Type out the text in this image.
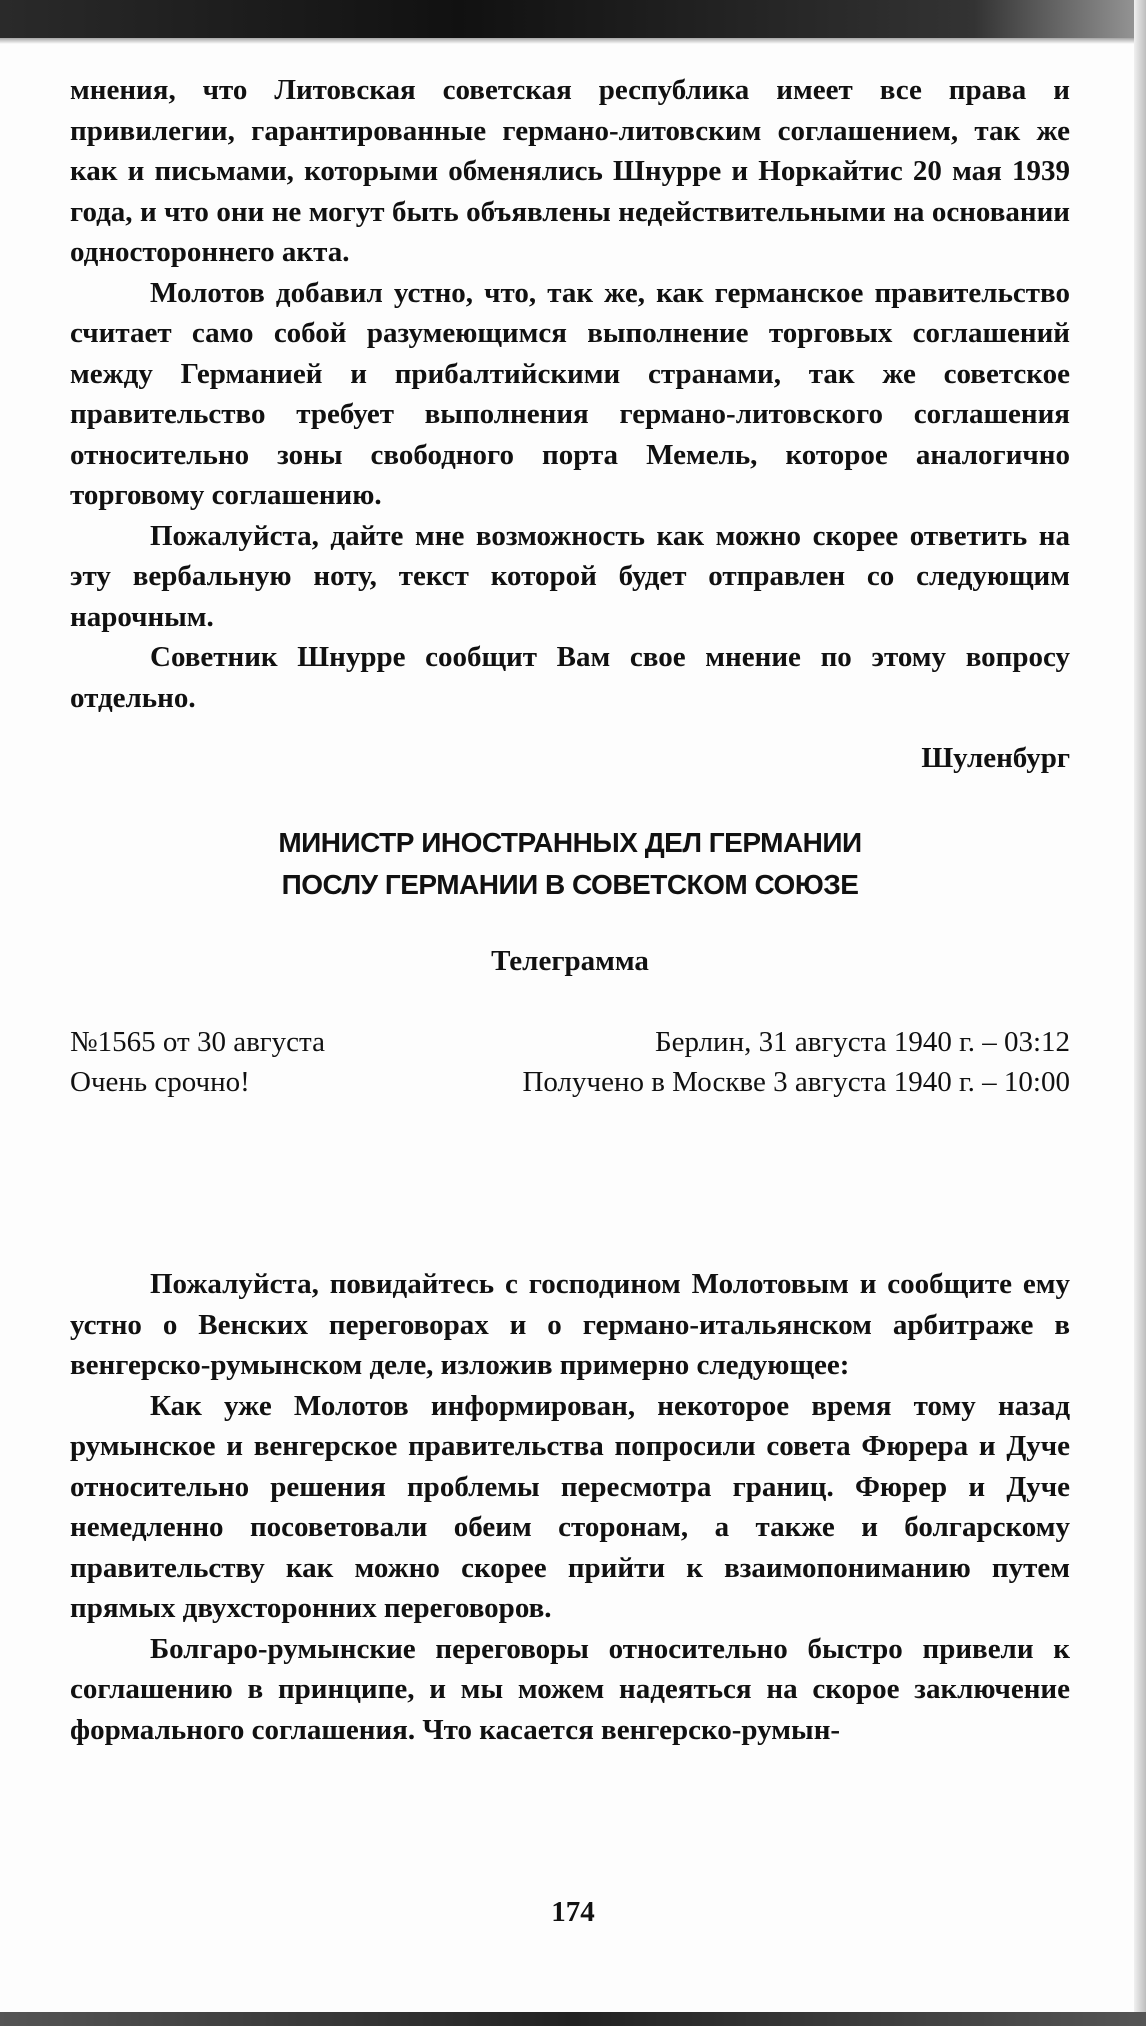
мнения, что Литовская советская республика имеет все права и привилегии, гарантированные германо-литовским соглашением, так же как и письмами, которыми обменялись Шнурре и Норкайтис 20 мая 1939 года, и что они не могут быть объявлены недействительными на основании одностороннего акта.

Молотов добавил устно, что, так же, как германское правительство считает само собой разумеющимся выполнение торговых соглашений между Германией и прибалтийскими странами, так же советское правительство требует выполнения германо-литовского соглашения относительно зоны свободного порта Мемель, которое аналогично торговому соглашению.

Пожалуйста, дайте мне возможность как можно скорее ответить на эту вербальную ноту, текст которой будет отправлен со следующим нарочным.

Советник Шнурре сообщит Вам свое мнение по этому вопросу отдельно.

Шуленбург
МИНИСТР ИНОСТРАННЫХ ДЕЛ ГЕРМАНИИ
ПОСЛУ ГЕРМАНИИ В СОВЕТСКОМ СОЮЗЕ
Телеграмма
№1565 от 30 августа	Берлин, 31 августа 1940 г. – 03:12
Очень срочно!	Получено в Москве 3 августа 1940 г. – 10:00

Пожалуйста, повидайтесь с господином Молотовым и сообщите ему устно о Венских переговорах и о германо-итальянском арбитраже в венгерско-румынском деле, изложив примерно следующее:

Как уже Молотов информирован, некоторое время тому назад румынское и венгерское правительства попросили совета Фюрера и Дуче относительно решения проблемы пересмотра границ. Фюрер и Дуче немедленно посоветовали обеим сторонам, а также и болгарскому правительству как можно скорее прийти к взаимопониманию путем прямых двухсторонних переговоров.

Болгаро-румынские переговоры относительно быстро привели к соглашению в принципе, и мы можем надеяться на скорое заключение формального соглашения. Что касается венгерско-румын-

174
